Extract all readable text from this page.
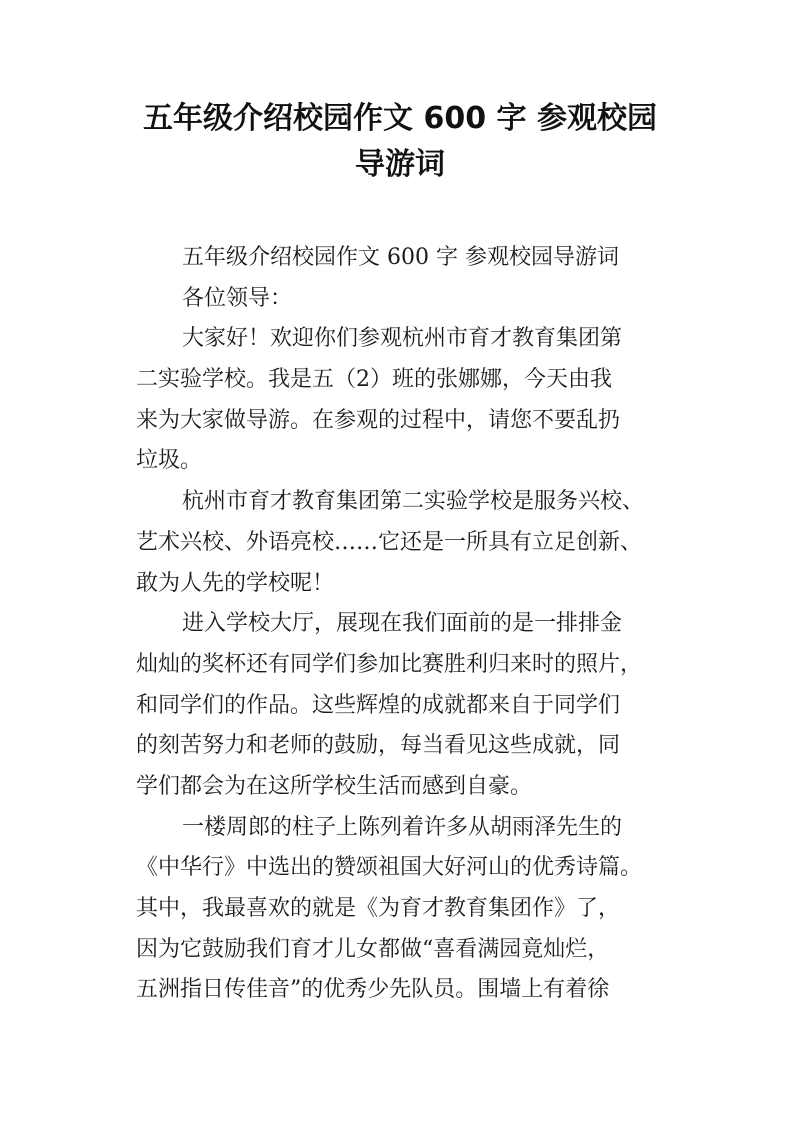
五年级介绍校园作文 600 字 参观校园
导游词
五年级介绍校园作文 600 字 参观校园导游词
各位领导：
大家好！欢迎你们参观杭州市育才教育集团第
二实验学校。我是五（2）班的张娜娜，今天由我
来为大家做导游。在参观的过程中，请您不要乱扔
垃圾。
杭州市育才教育集团第二实验学校是服务兴校、
艺术兴校、外语亮校……它还是一所具有立足创新、
敢为人先的学校呢！
进入学校大厅，展现在我们面前的是一排排金
灿灿的奖杯还有同学们参加比赛胜利归来时的照片，
和同学们的作品。这些辉煌的成就都来自于同学们
的刻苦努力和老师的鼓励，每当看见这些成就，同
学们都会为在这所学校生活而感到自豪。
一楼周郎的柱子上陈列着许多从胡雨泽先生的
《中华行》中选出的赞颂祖国大好河山的优秀诗篇。
其中，我最喜欢的就是《为育才教育集团作》了，
因为它鼓励我们育才儿女都做“喜看满园竟灿烂，
五洲指日传佳音”的优秀少先队员。围墙上有着徐
